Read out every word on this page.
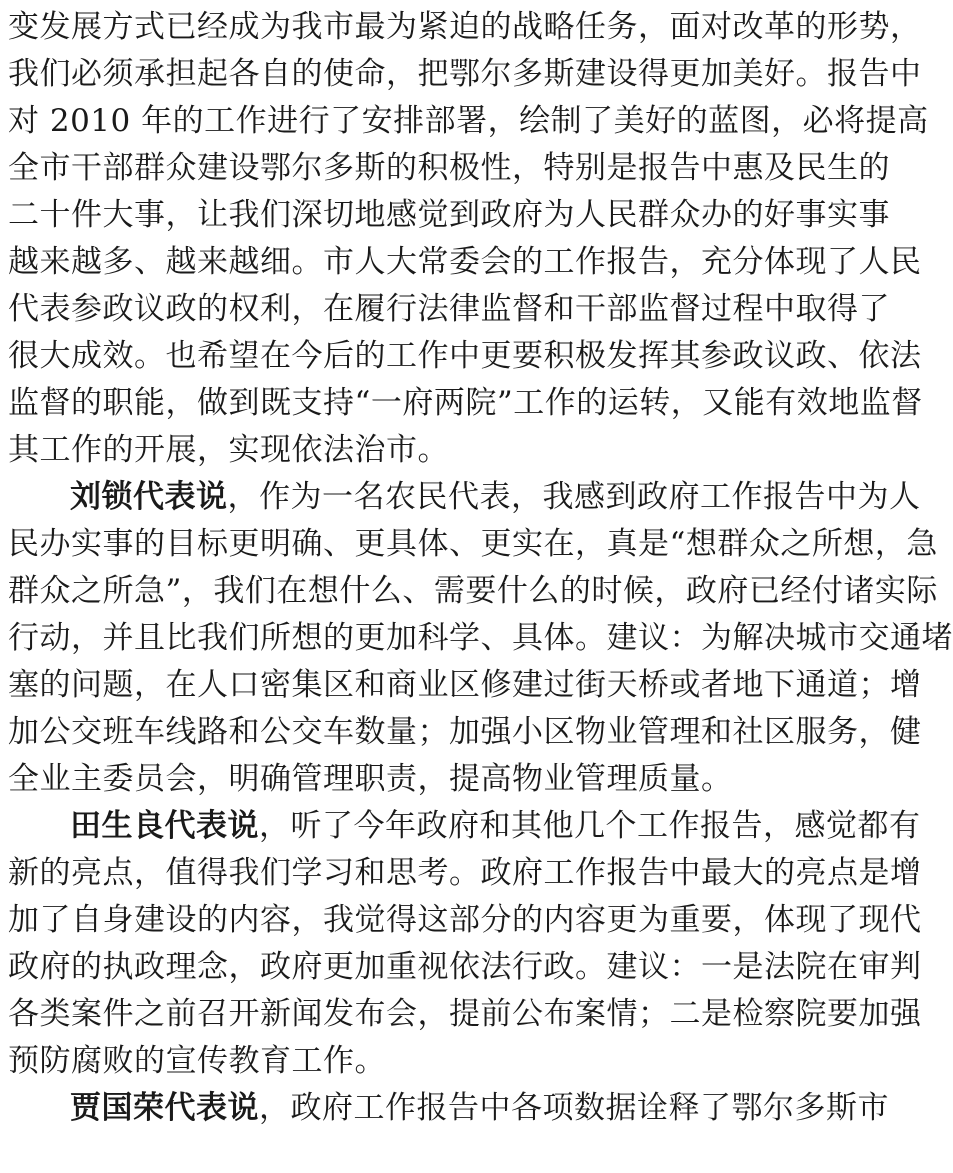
变发展方式已经成为我市最为紧迫的战略任务，面对改革的形势，
我们必须承担起各自的使命，把鄂尔多斯建设得更加美好。报告中
对 2010 年的工作进行了安排部署，绘制了美好的蓝图，必将提高
全市干部群众建设鄂尔多斯的积极性，特别是报告中惠及民生的
二十件大事，让我们深切地感觉到政府为人民群众办的好事实事
越来越多、越来越细。市人大常委会的工作报告，充分体现了人民
代表参政议政的权利，在履行法律监督和干部监督过程中取得了
很大成效。也希望在今后的工作中更要积极发挥其参政议政、依法
监督的职能，做到既支持“一府两院”工作的运转，又能有效地监督
其工作的开展，实现依法治市。
刘锁代表说，作为一名农民代表，我感到政府工作报告中为人
民办实事的目标更明确、更具体、更实在，真是“想群众之所想，急
群众之所急”，我们在想什么、需要什么的时候，政府已经付诸实际
行动，并且比我们所想的更加科学、具体。建议：为解决城市交通堵
塞的问题，在人口密集区和商业区修建过街天桥或者地下通道；增
加公交班车线路和公交车数量；加强小区物业管理和社区服务，健
全业主委员会，明确管理职责，提高物业管理质量。
田生良代表说，听了今年政府和其他几个工作报告，感觉都有
新的亮点，值得我们学习和思考。政府工作报告中最大的亮点是增
加了自身建设的内容，我觉得这部分的内容更为重要，体现了现代
政府的执政理念，政府更加重视依法行政。建议：一是法院在审判
各类案件之前召开新闻发布会，提前公布案情；二是检察院要加强
预防腐败的宣传教育工作。
贾国荣代表说，政府工作报告中各项数据诠释了鄂尔多斯市
